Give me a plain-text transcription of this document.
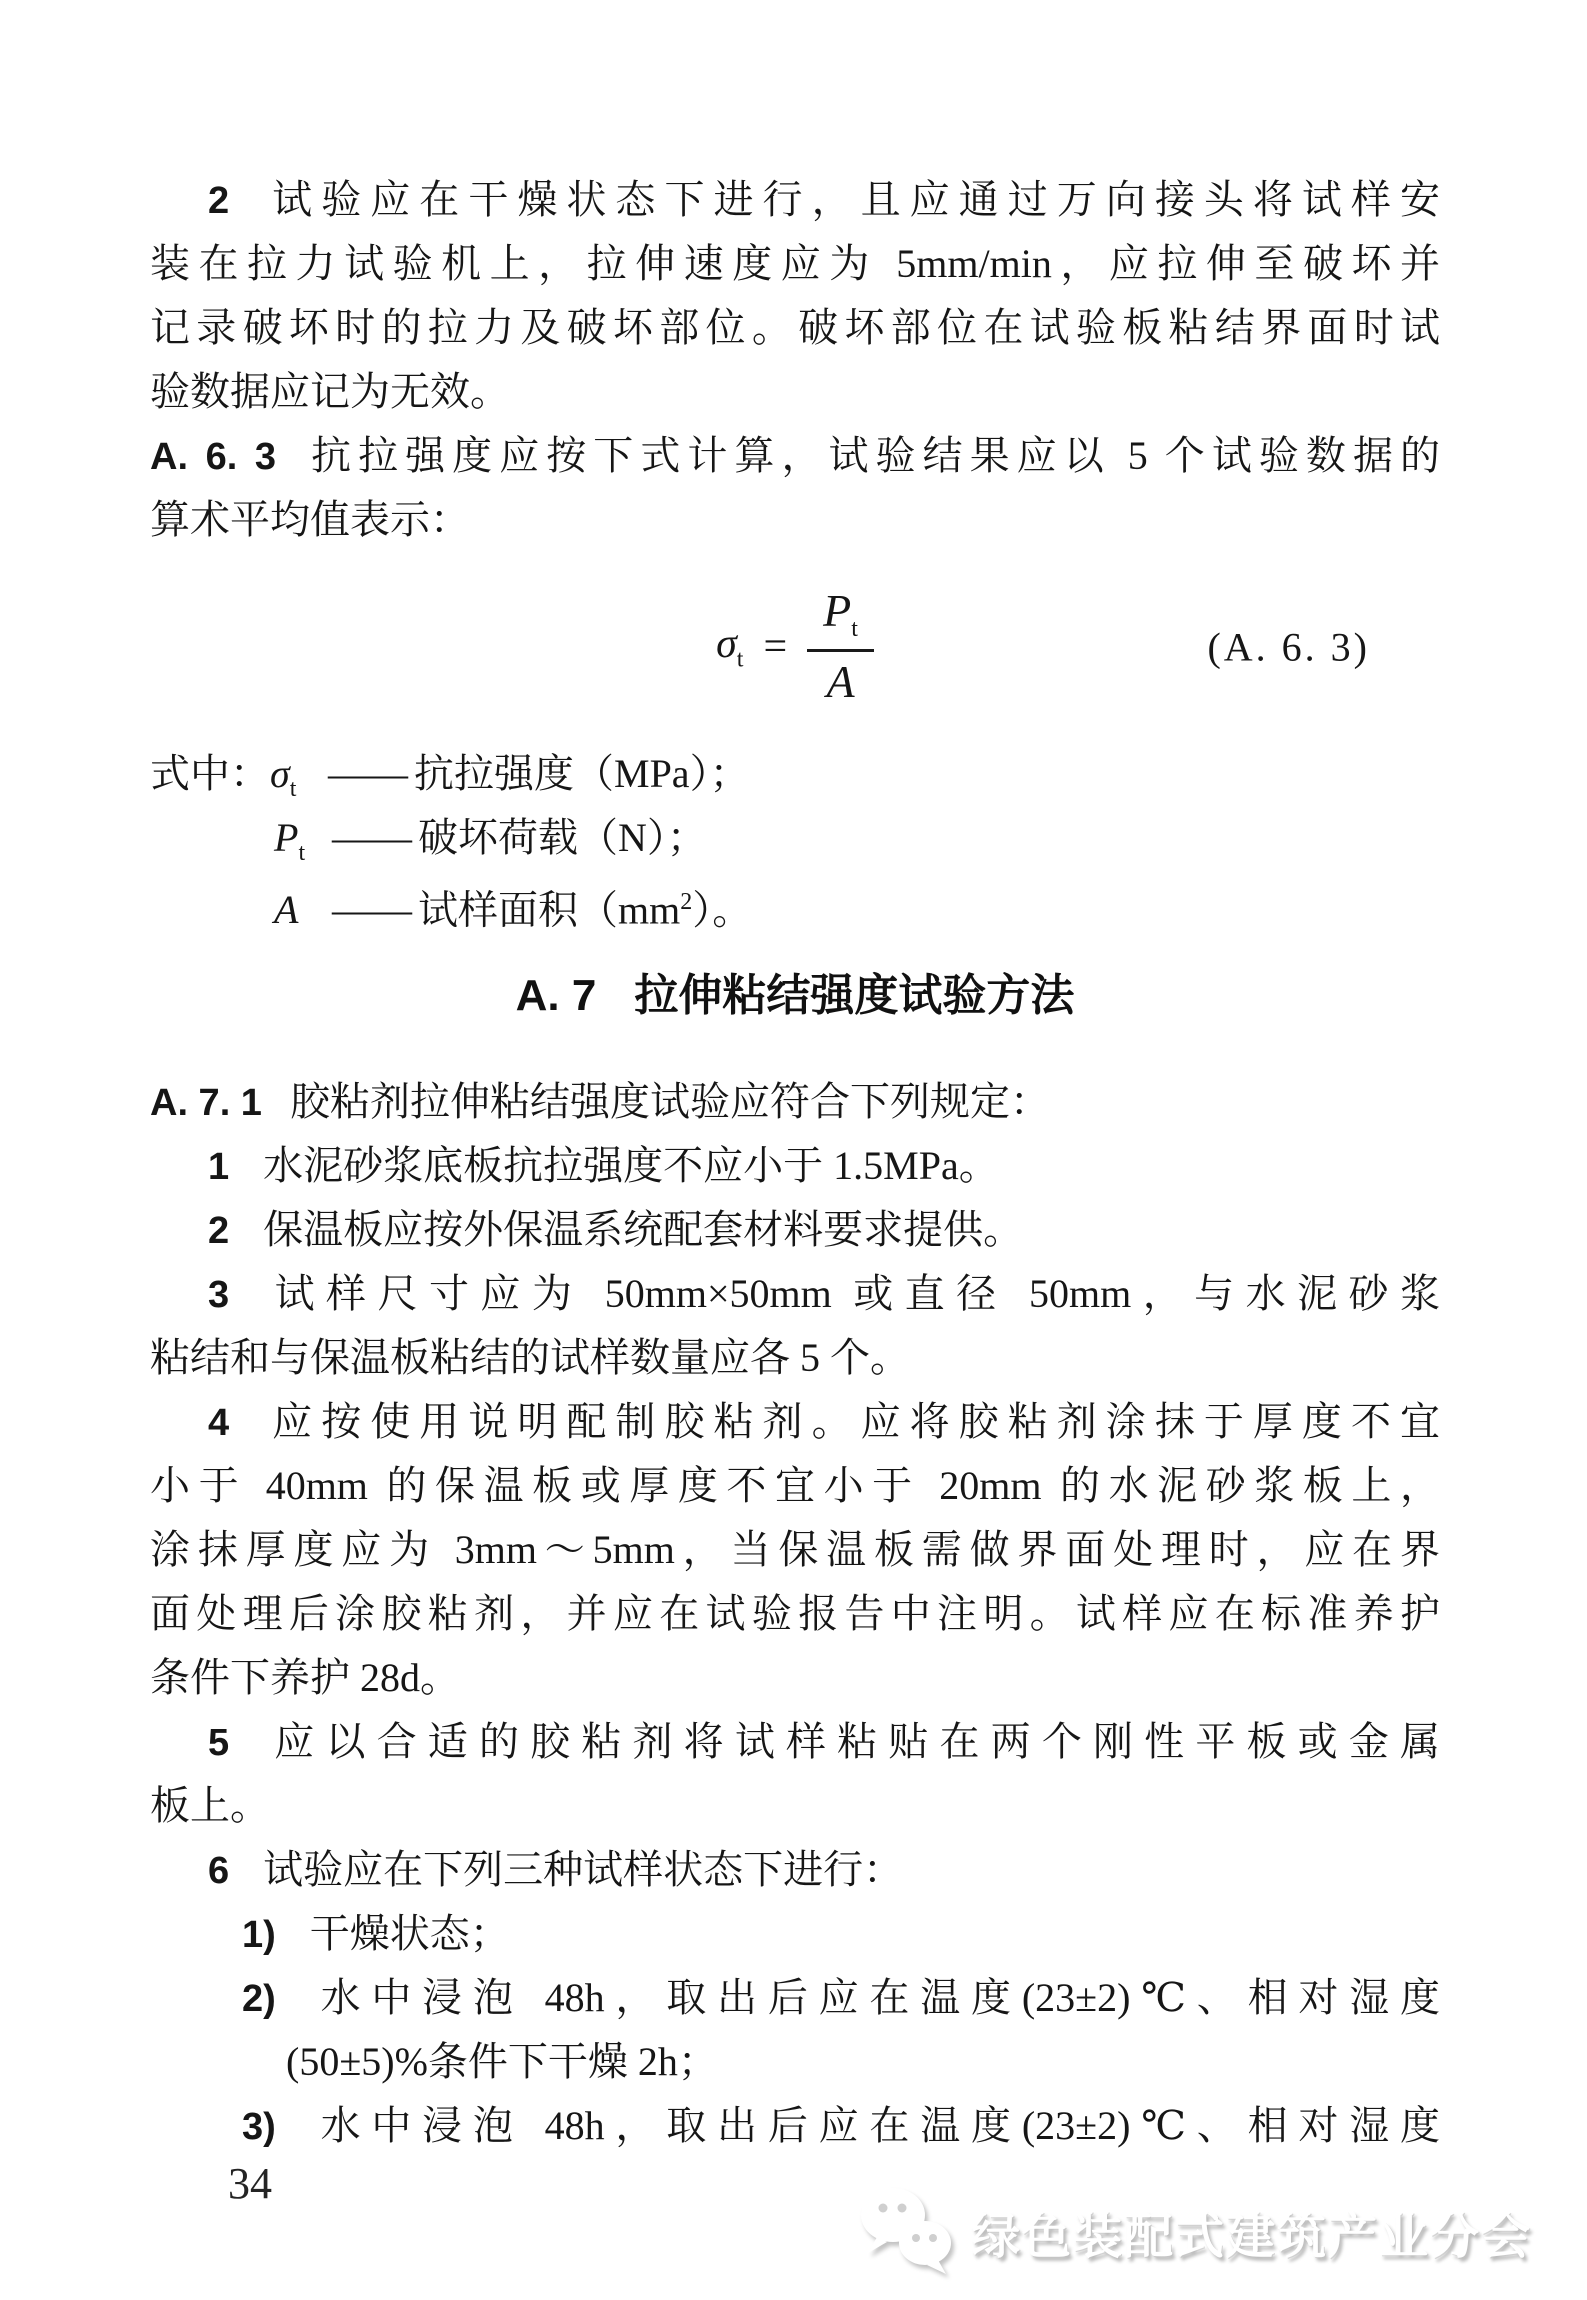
2 试验应在干燥状态下进行，且应通过万向接头将试样安
装在拉力试验机上，拉伸速度应为 5mm/min，应拉伸至破坏并
记录破坏时的拉力及破坏部位。破坏部位在试验板粘结界面时试
验数据应记为无效。
A. 6. 3 抗拉强度应按下式计算，试验结果应以 5 个试验数据的
算术平均值表示：
$\sigma_t = \frac{P_t}{A}$	(A. 6. 3)
式中：$\sigma_t$ —— 抗拉强度（MPa）；
$P_t$ —— 破坏荷载（N）；
A —— 试样面积$(mm^2)$。
A. 7 拉伸粘结强度试验方法
A. 7. 1 胶粘剂拉伸粘结强度试验应符合下列规定：
1 水泥砂浆底板抗拉强度不应小于 1.5MPa。
2 保温板应按外保温系统配套材料要求提供。
3 试样尺寸应为 50mm×50mm 或直径 50mm，与水泥砂浆
粘结和与保温板粘结的试样数量应各 5 个。
4 应按使用说明配制胶粘剂。应将胶粘剂涂抹于厚度不宜
小于 40mm 的保温板或厚度不宜小于 20mm 的水泥砂浆板上，
涂抹厚度应为 3mm～5mm，当保温板需做界面处理时，应在界
面处理后涂胶粘剂，并应在试验报告中注明。试样应在标准养护
条件下养护 28d。
5 应以合适的胶粘剂将试样粘贴在两个刚性平板或金属
板上。
6 试验应在下列三种试样状态下进行：
1) 干燥状态；
2) 水中浸泡 48h，取出后应在温度(23±2)℃、相对湿度
(50±5)%条件下干燥 2h；
3) 水中浸泡 48h，取出后应在温度(23±2)℃、相对湿度
34
绿色装配式建筑产业分会
